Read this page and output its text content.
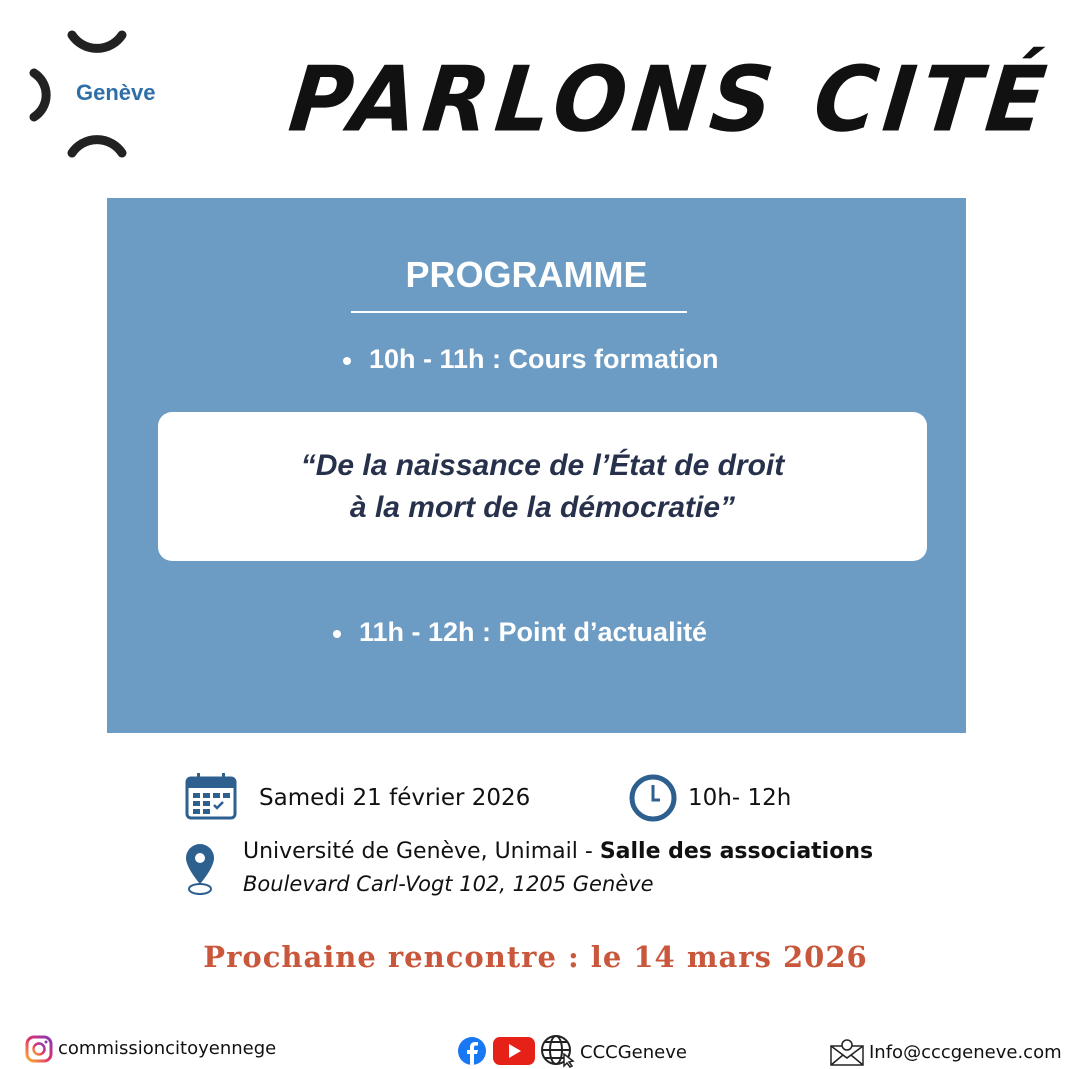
Genève PARLONS CITÉ
PROGRAMME
10h - 11h : Cours formation
“De la naissance de l’État de droit
à la mort de la démocratie”
11h - 12h : Point d’actualité
Samedi 21 février 2026	10h- 12h
Université de Genève, Unimail - Salle des associations
Boulevard Carl-Vogt 102, 1205 Genève
Prochaine rencontre : le 14 mars 2026
commissioncitoyennege	CCCGeneve	Info@cccgeneve.com
